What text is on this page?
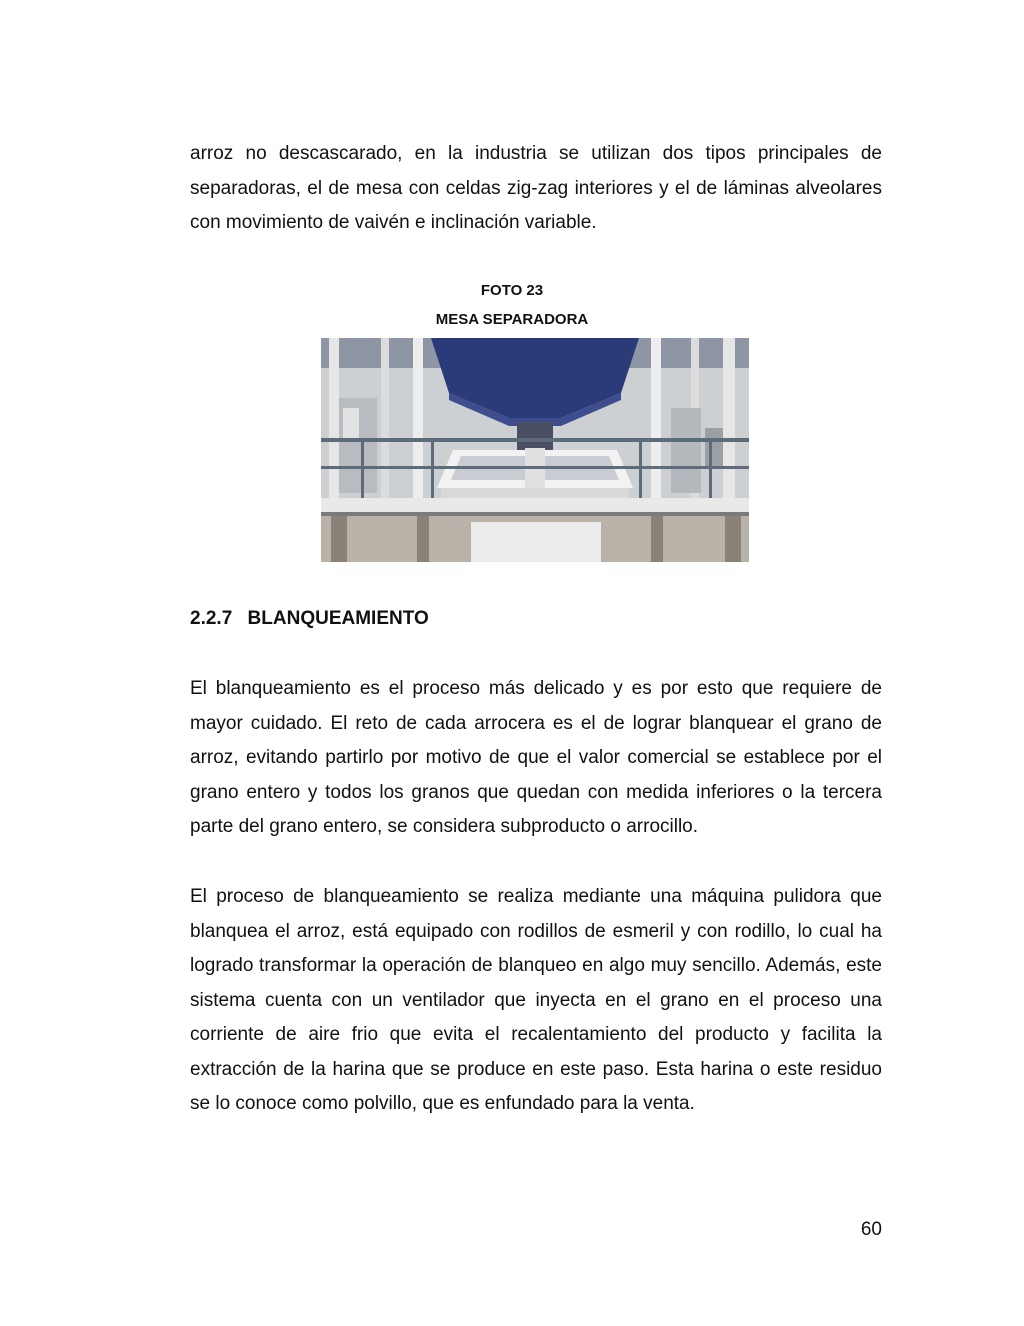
arroz no descascarado, en la industria se utilizan dos tipos principales de separadoras, el de mesa con celdas zig-zag interiores y el de láminas alveolares con movimiento de vaivén e inclinación variable.

FOTO 23

MESA SEPARADORA

2.2.7 BLANQUEAMIENTO

El blanqueamiento es el proceso más delicado y es por esto que requiere de mayor cuidado. El reto de cada arrocera es el de lograr blanquear el grano de arroz, evitando partirlo por motivo de que el valor comercial se establece por el grano entero y todos los granos que quedan con medida inferiores o la tercera parte del grano entero, se considera subproducto o arrocillo.

El proceso de blanqueamiento se realiza mediante una máquina pulidora que blanquea el arroz, está equipado con rodillos de esmeril y con rodillo, lo cual ha logrado transformar la operación de blanqueo en algo muy sencillo. Además, este sistema cuenta con un ventilador que inyecta en el grano en el proceso una corriente de aire frio que evita el recalentamiento del producto y facilita la extracción de la harina que se produce en este paso. Esta harina o este residuo se lo conoce como polvillo, que es enfundado para la venta.

60
